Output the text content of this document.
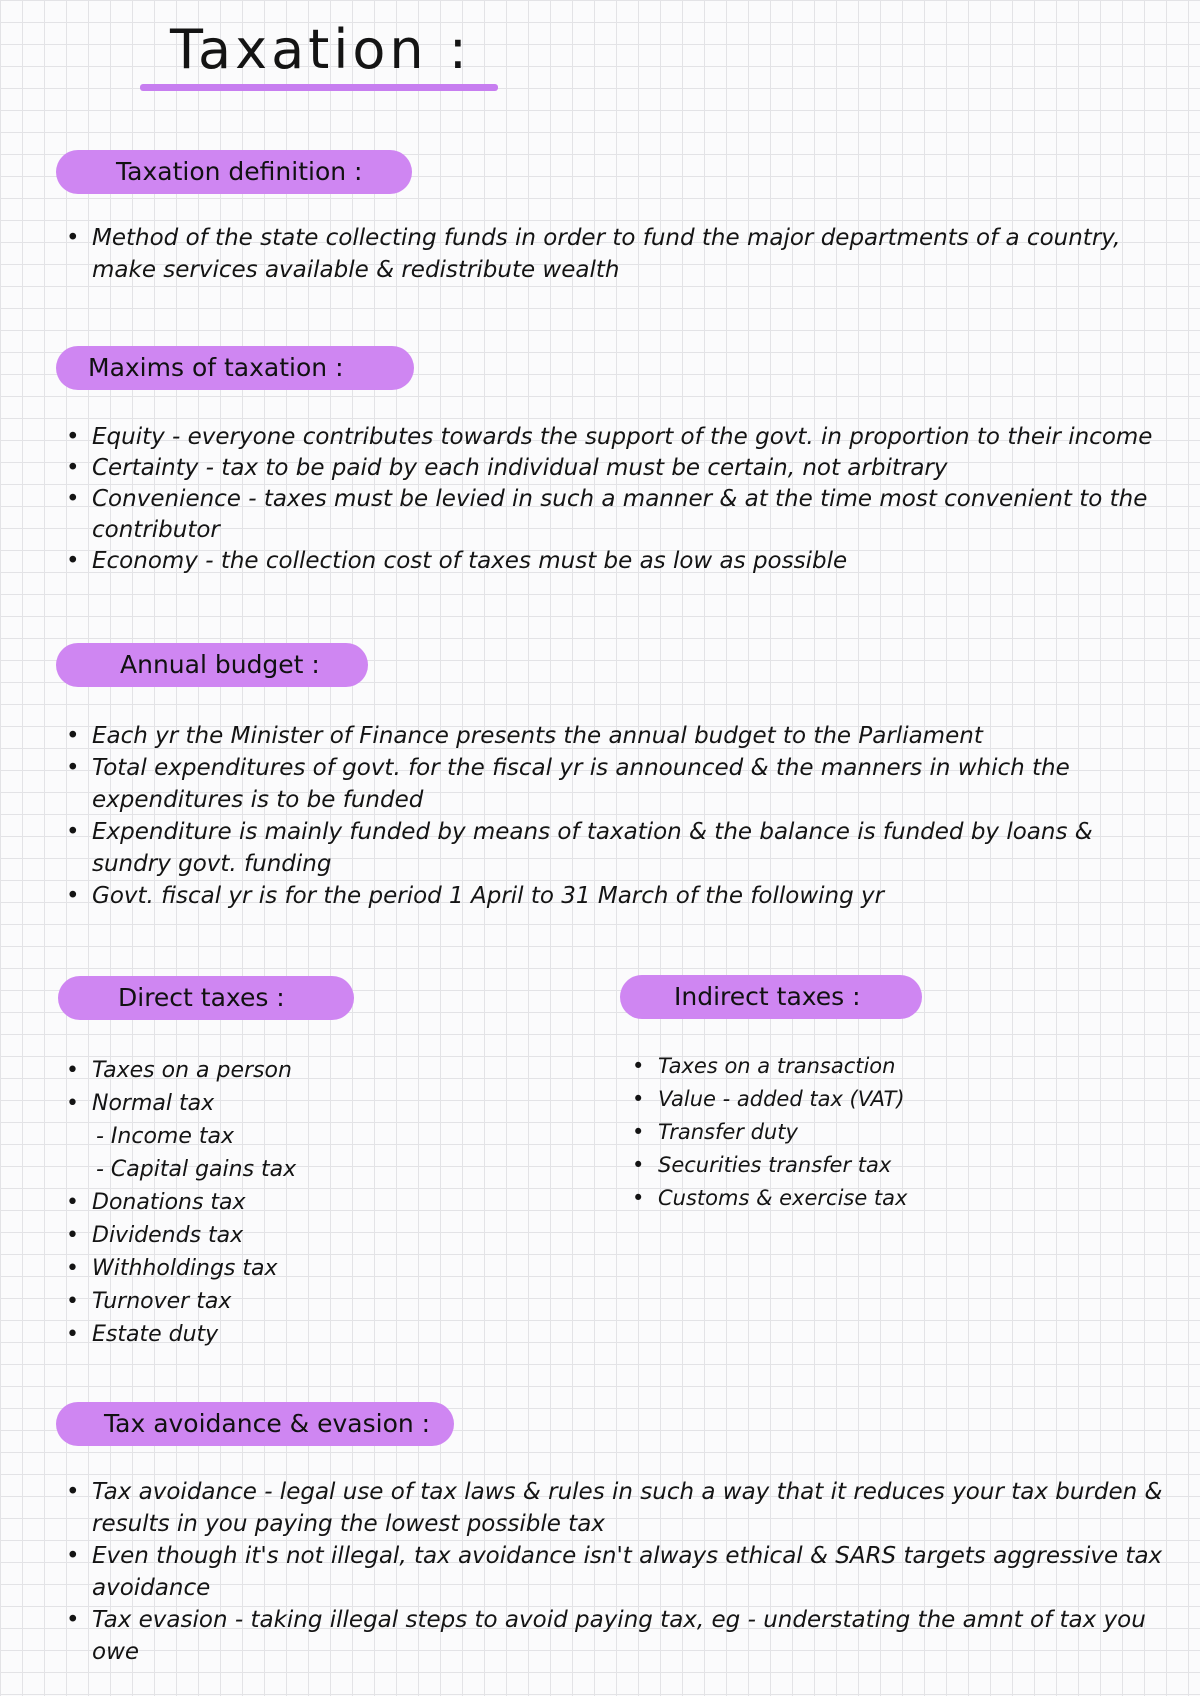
Taxation :
Taxation definition :
• Method of the state collecting funds in order to fund the major departments of a country, make services available & redistribute wealth
Maxims of taxation :
• Equity - everyone contributes towards the support of the govt. in proportion to their income
• Certainty - tax to be paid by each individual must be certain, not arbitrary
• Convenience - taxes must be levied in such a manner & at the time most convenient to the contributor
• Economy - the collection cost of taxes must be as low as possible
Annual budget :
• Each yr the Minister of Finance presents the annual budget to the Parliament
• Total expenditures of govt. for the fiscal yr is announced & the manners in which the expenditures is to be funded
• Expenditure is mainly funded by means of taxation & the balance is funded by loans & sundry govt. funding
• Govt. fiscal yr is for the period 1 April to 31 March of the following yr
Direct taxes :
• Taxes on a person
• Normal tax
- Income tax
- Capital gains tax
• Donations tax
• Dividends tax
• Withholdings tax
• Turnover tax
• Estate duty
Indirect taxes :
• Taxes on a transaction
• Value - added tax (VAT)
• Transfer duty
• Securities transfer tax
• Customs & exercise tax
Tax avoidance & evasion :
• Tax avoidance - legal use of tax laws & rules in such a way that it reduces your tax burden & results in you paying the lowest possible tax
• Even though it's not illegal, tax avoidance isn't always ethical & SARS targets aggressive tax avoidance
• Tax evasion - taking illegal steps to avoid paying tax, eg - understating the amnt of tax you owe
